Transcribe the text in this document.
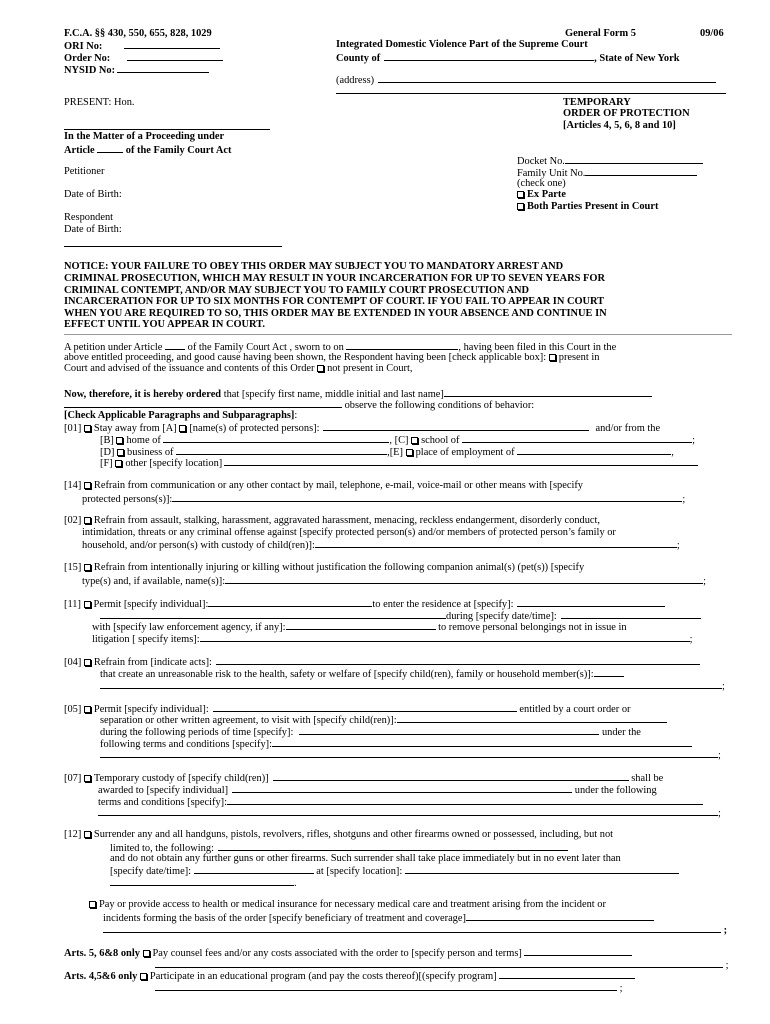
F.C.A. §§ 430, 550, 655, 828, 1029
ORI No:
Order No:
NYSID No:
General Form 5	09/06
Integrated Domestic Violence Part of the Supreme Court
County of	, State of New York
(address)
PRESENT: Hon.	TEMPORARY
ORDER OF PROTECTION
[Articles 4, 5, 6, 8 and 10]
In the Matter of a Proceeding under
Article	of the Family Court Act
Docket No.
Family Unit No.
(check one)
Ex Parte
Both Parties Present in Court
Petitioner
Date of Birth:
Respondent
Date of Birth:
NOTICE: YOUR FAILURE TO OBEY THIS ORDER MAY SUBJECT YOU TO MANDATORY ARREST AND
CRIMINAL PROSECUTION, WHICH MAY RESULT IN YOUR INCARCERATION FOR UP TO SEVEN YEARS FOR
CRIMINAL CONTEMPT, AND/OR MAY SUBJECT YOU TO FAMILY COURT PROSECUTION AND
INCARCERATION FOR UP TO SIX MONTHS FOR CONTEMPT OF COURT. IF YOU FAIL TO APPEAR IN COURT
WHEN YOU ARE REQUIRED TO SO, THIS ORDER MAY BE EXTENDED IN YOUR ABSENCE AND CONTINUE IN
EFFECT UNTIL YOU APPEAR IN COURT.
A petition under Article of the Family Court Act , sworn to on	, having been filed in this Court in the
above entitled proceeding, and good cause having been shown, the Respondent having been [check applicable box]: present in
Court and advised of the issuance and contents of this Order not present in Court,
Now, therefore, it is hereby ordered that [specify first name, middle initial and last name]
observe the following conditions of behavior:
[Check Applicable Paragraphs and Subparagraphs]:
[01] Stay away from [A] [name(s) of protected persons]:	and/or from the
[B] home of	, [C] school of	;
[D] business of	,[E] place of employment of	,
[F] other [specify location]
[14] Refrain from communication or any other contact by mail, telephone, e-mail, voice-mail or other means with [specify
protected persons(s)]:	;
[02] Refrain from assault, stalking, harassment, aggravated harassment, menacing, reckless endangerment, disorderly conduct,
intimidation, threats or any criminal offense against [specify protected person(s) and/or members of protected person’s family or
household, and/or person(s) with custody of child(ren)]:	;
[15] Refrain from intentionally injuring or killing without justification the following companion animal(s) (pet(s)) [specify
type(s) and, if available, name(s)]:	;
[11] Permit [specify individual]:	to enter the residence at [specify]:
during [specify date/time]:
with [specify law enforcement agency, if any]:	to remove personal belongings not in issue in
litigation [ specify items]:	;
[04] Refrain from [indicate acts]:
that create an unreasonable risk to the health, safety or welfare of [specify child(ren), family or household member(s)]:
;
[05] Permit [specify individual]:	entitled by a court order or
separation or other written agreement, to visit with [specify child(ren)]:
during the following periods of time [specify]:	under the
following terms and conditions [specify]:
;
[07] Temporary custody of [specify child(ren)]	shall be
awarded to [specify individual]	under the following
terms and conditions [specify]:
;
[12] Surrender any and all handguns, pistols, revolvers, rifles, shotguns and other firearms owned or possessed, including, but not
limited to, the following:
and do not obtain any further guns or other firearms. Such surrender shall take place immediately but in no event later than
[specify date/time]:	at [specify location]:
.
Pay or provide access to health or medical insurance for necessary medical care and treatment arising from the incident or
incidents forming the basis of the order [specify beneficiary of treatment and coverage]
;
Arts. 5, 6&8 only Pay counsel fees and/or any costs associated with the order to [specify person and terms]
;
Arts. 4,5&6 only Participate in an educational program (and pay the costs thereof)[(specify program]
;
